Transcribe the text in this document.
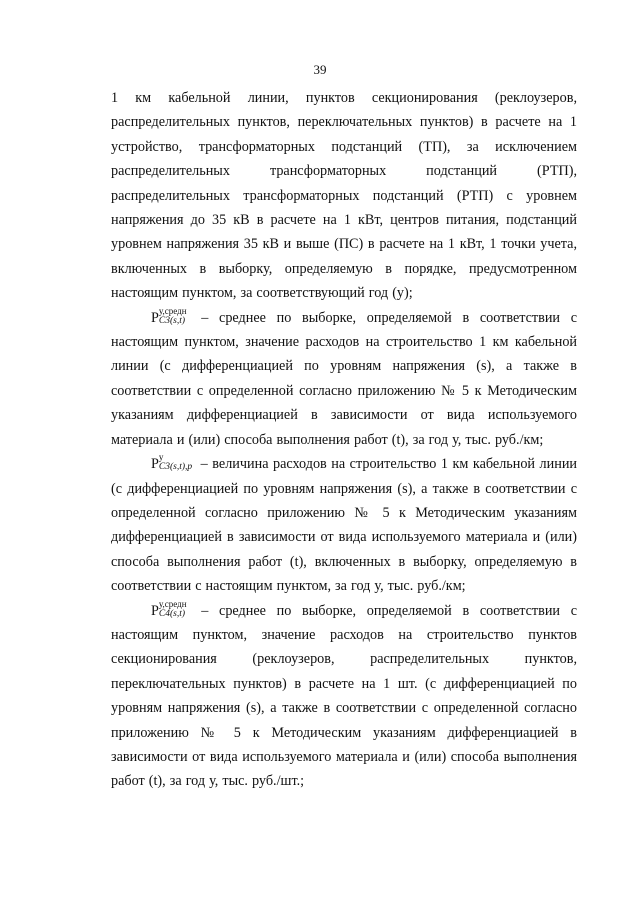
39

1 км кабельной линии, пунктов секционирования (реклоузеров, распределительных пунктов, переключательных пунктов) в расчете на 1 устройство, трансформаторных подстанций (ТП), за исключением распределительных трансформаторных подстанций (РТП), распределительных трансформаторных подстанций (РТП) с уровнем напряжения до 35 кВ в расчете на 1 кВт, центров питания, подстанций уровнем напряжения 35 кВ и выше (ПС) в расчете на 1 кВт, 1 точки учета, включенных в выборку, определяемую в порядке, предусмотренном настоящим пунктом, за соответствующий год (у);

P у,средн
C3(s,t) – среднее по выборке, определяемой в соответствии с настоящим пунктом, значение расходов на строительство 1 км кабельной линии (с дифференциацией по уровням напряжения (s), а также в соответствии с определенной согласно приложению № 5 к Методическим указаниям дифференциацией в зависимости от вида используемого материала и (или) способа выполнения работ (t), за год у, тыс. руб./км;

P у
C3(s,t),p – величина расходов на строительство 1 км кабельной линии (с дифференциацией по уровням напряжения (s), а также в соответствии с определенной согласно приложению № 5 к Методическим указаниям дифференциацией в зависимости от вида используемого материала и (или) способа выполнения работ (t), включенных в выборку, определяемую в соответствии с настоящим пунктом, за год у, тыс. руб./км;

P у,средн
C4(s,t) – среднее по выборке, определяемой в соответствии с настоящим пунктом, значение расходов на строительство пунктов секционирования (реклоузеров, распределительных пунктов, переключательных пунктов) в расчете на 1 шт. (с дифференциацией по уровням напряжения (s), а также в соответствии с определенной согласно приложению № 5 к Методическим указаниям дифференциацией в зависимости от вида используемого материала и (или) способа выполнения работ (t), за год у, тыс. руб./шт.;
